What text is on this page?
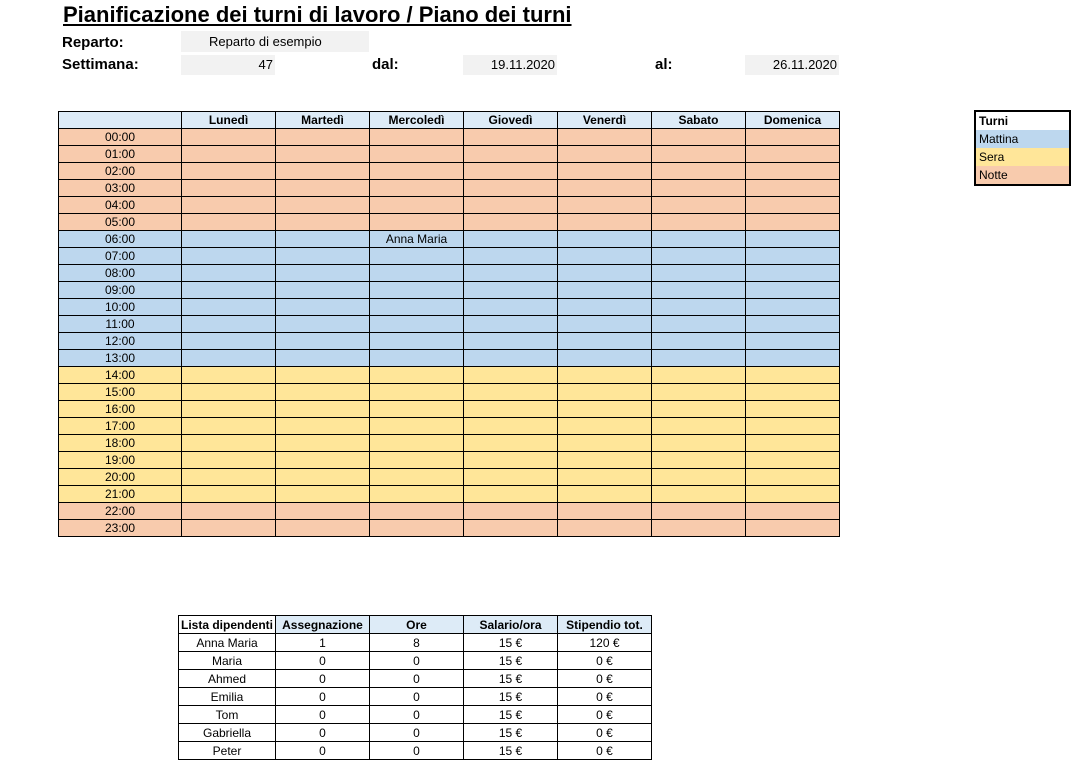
Pianificazione dei turni di lavoro / Piano dei turni
Reparto:	Reparto di esempio
Settimana:	47	dal:	19.11.2020	al:	26.11.2020
	Lunedì	Martedì	Mercoledì	Giovedì	Venerdì	Sabato	Domenica
00:00							
01:00							
02:00							
03:00							
04:00							
05:00							
06:00			Anna Maria				
07:00							
08:00							
09:00							
10:00							
11:00							
12:00							
13:00							
14:00							
15:00							
16:00							
17:00							
18:00							
19:00							
20:00							
21:00							
22:00							
23:00							
Turni
Mattina
Sera
Notte
Lista dipendenti	Assegnazione	Ore	Salario/ora	Stipendio tot.
Anna Maria	1	8	15 €	120 €
Maria	0	0	15 €	0 €
Ahmed	0	0	15 €	0 €
Emilia	0	0	15 €	0 €
Tom	0	0	15 €	0 €
Gabriella	0	0	15 €	0 €
Peter	0	0	15 €	0 €
